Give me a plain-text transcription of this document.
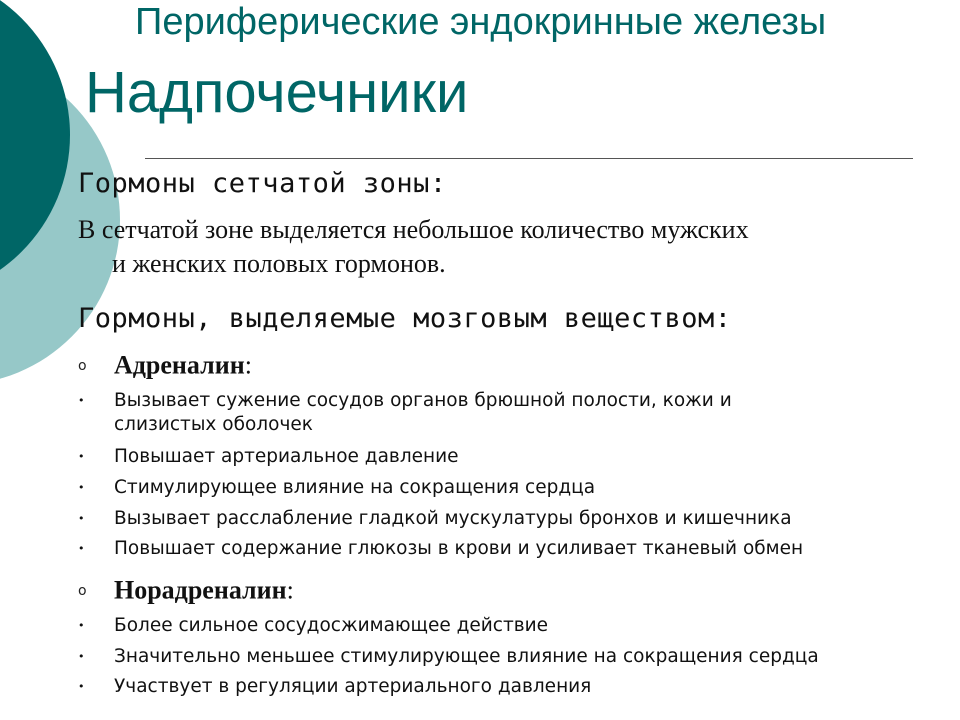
Периферические эндокринные железы
Надпочечники
Гормоны сетчатой зоны:
В сетчатой зоне выделяется небольшое количество мужских
и женских половых гормонов.
Гормоны, выделяемые мозговым веществом:
o Адреналин:
•	Вызывает сужение сосудов органов брюшной полости, кожи и
слизистых оболочек
•	Повышает артериальное давление
•	Стимулирующее влияние на сокращения сердца
•	Вызывает расслабление гладкой мускулатуры бронхов и кишечника
•	Повышает содержание глюкозы в крови и усиливает тканевый обмен
o Норадреналин:
•	Более сильное сосудосжимающее действие
•	Значительно меньшее стимулирующее влияние на сокращения сердца
•	Участвует в регуляции артериального давления
